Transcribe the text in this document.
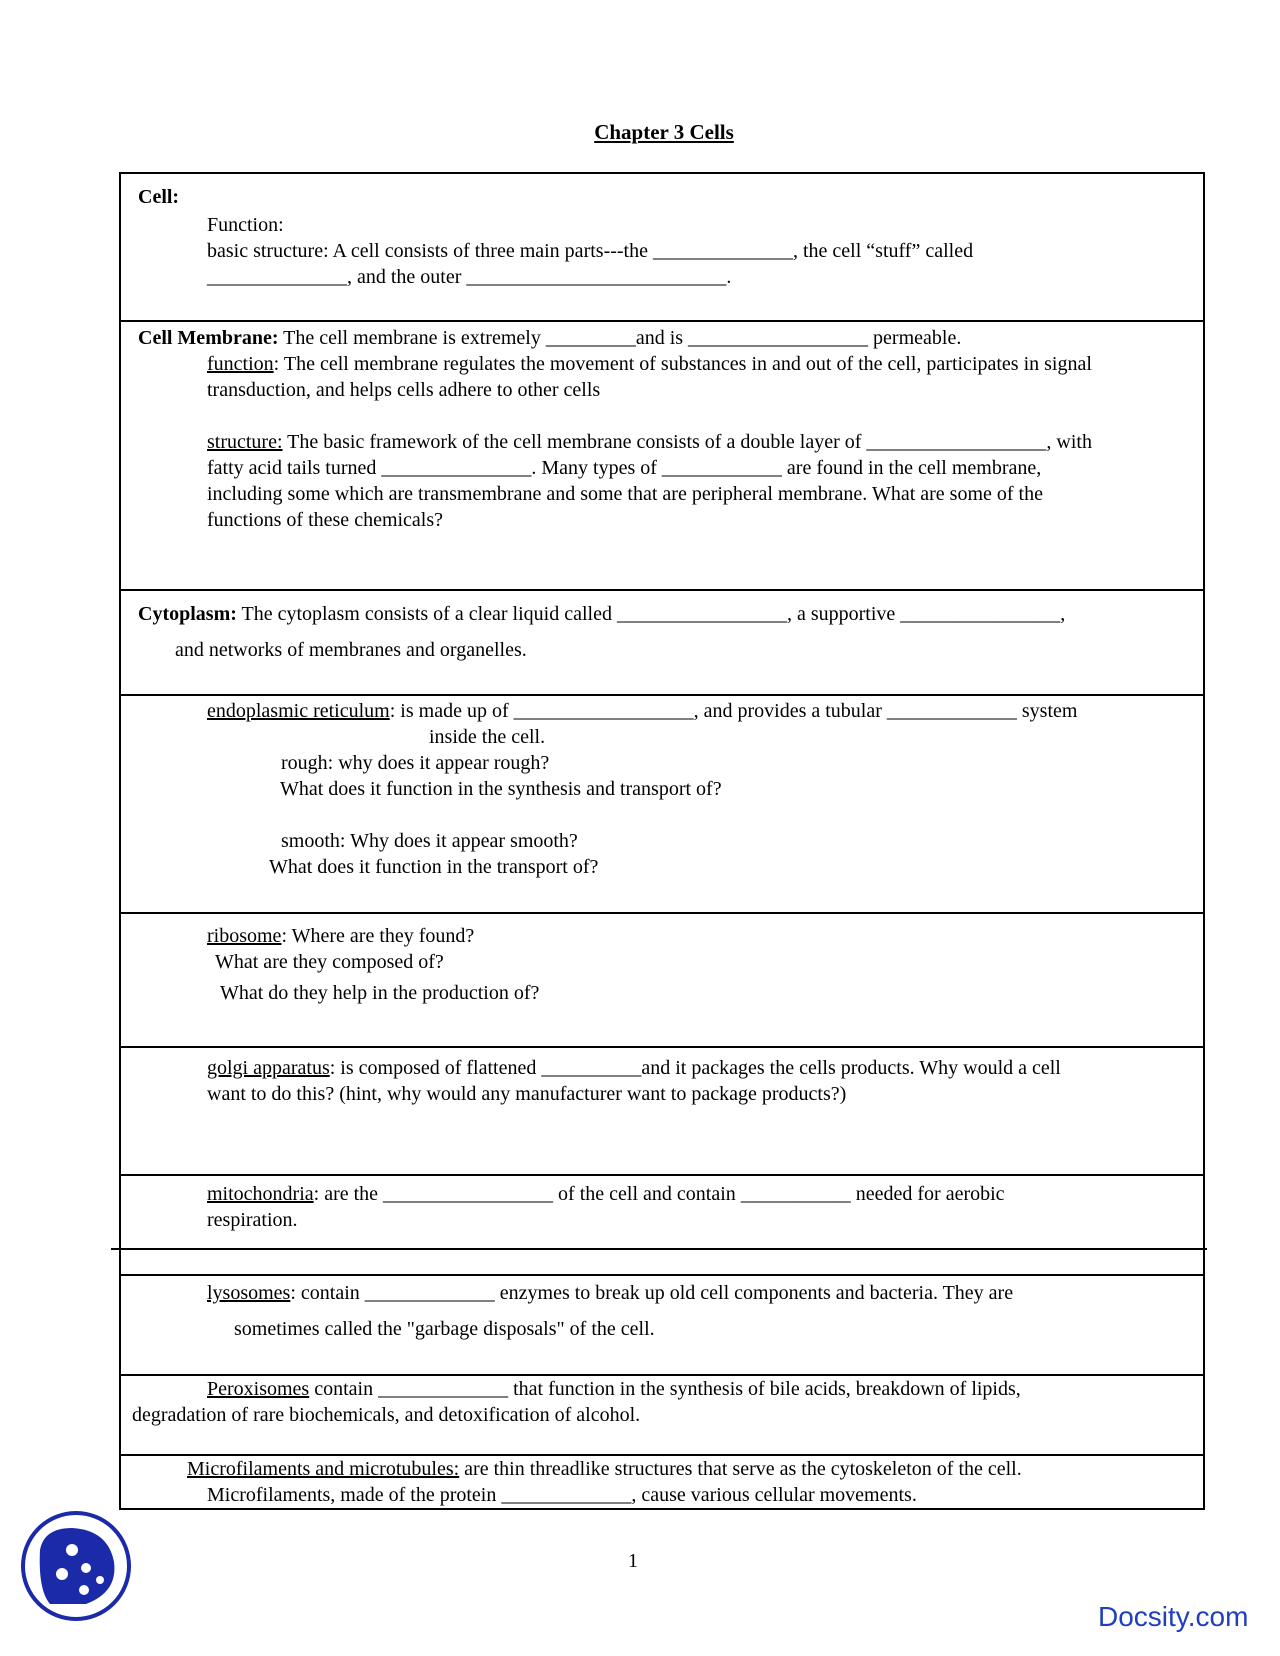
Chapter 3 Cells
Cell:
Function:
basic structure: A cell consists of three main parts---the ______________, the cell “stuff” called
______________, and the outer __________________________.
Cell Membrane: The cell membrane is extremely _________and is __________________ permeable.
function: The cell membrane regulates the movement of substances in and out of the cell, participates in signal
transduction, and helps cells adhere to other cells
structure: The basic framework of the cell membrane consists of a double layer of __________________, with
fatty acid tails turned _______________. Many types of ____________ are found in the cell membrane,
including some which are transmembrane and some that are peripheral membrane. What are some of the
functions of these chemicals?
Cytoplasm: The cytoplasm consists of a clear liquid called _________________, a supportive ________________,
and networks of membranes and organelles.
endoplasmic reticulum: is made up of __________________, and provides a tubular _____________ system
inside the cell.
rough: why does it appear rough?
What does it function in the synthesis and transport of?
smooth: Why does it appear smooth?
What does it function in the transport of?
ribosome: Where are they found?
What are they composed of?
What do they help in the production of?
golgi apparatus: is composed of flattened __________and it packages the cells products. Why would a cell
want to do this? (hint, why would any manufacturer want to package products?)
mitochondria: are the _________________ of the cell and contain ___________ needed for aerobic
respiration.
lysosomes: contain _____________ enzymes to break up old cell components and bacteria. They are
sometimes called the "garbage disposals" of the cell.
Peroxisomes contain _____________ that function in the synthesis of bile acids, breakdown of lipids,
degradation of rare biochemicals, and detoxification of alcohol.
Microfilaments and microtubules: are thin threadlike structures that serve as the cytoskeleton of the cell.
Microfilaments, made of the protein _____________, cause various cellular movements.
1
Docsity.com
